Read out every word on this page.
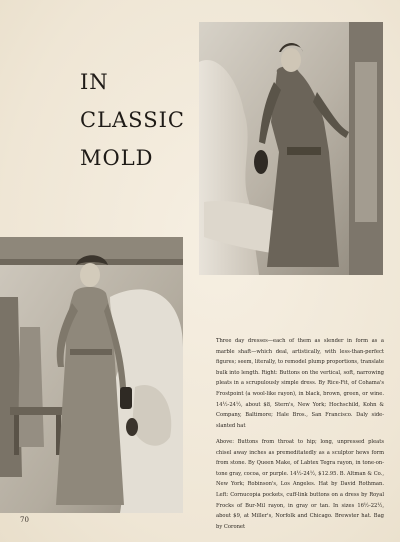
IN
CLASSIC
MOLD
Three day dresses—each of them as slender in form as a marble shaft—which deal, artistically, with less-than-perfect figures; seem, literally, to remodel plump proportions, translate bulk into length. Right: Buttons on the vertical, soft, narrowing pleats in a scrupulously simple dress. By Rice-Fit, of Cohama's Frostpoint (a wool-like rayon), in black, brown, green, or wine. 14½-24½, about $8, Stern's, New York; Hochschild, Kohn & Company, Baltimore; Hale Bros., San Francisco. Daly side-slanted hat
Above: Buttons from throat to hip; long, unpressed pleats chisel away inches as premeditatedly as a sculptor hews form from stone. By Queen Make, of Labtex Tegra rayon, in tone-on-tone gray, cocoa, or purple. 14½-24½, $12.95. B. Altman & Co., New York; Robinson's, Los Angeles. Hat by David Rothman. Left: Cornucopia pockets, cuff-link buttons on a dress by Royal Frocks of Bur-Mil rayon, in gray or tan. In sizes 16½-22½, about $9, at Miller's, Norfolk and Chicago. Brewster hat. Bag by Coronet
70
